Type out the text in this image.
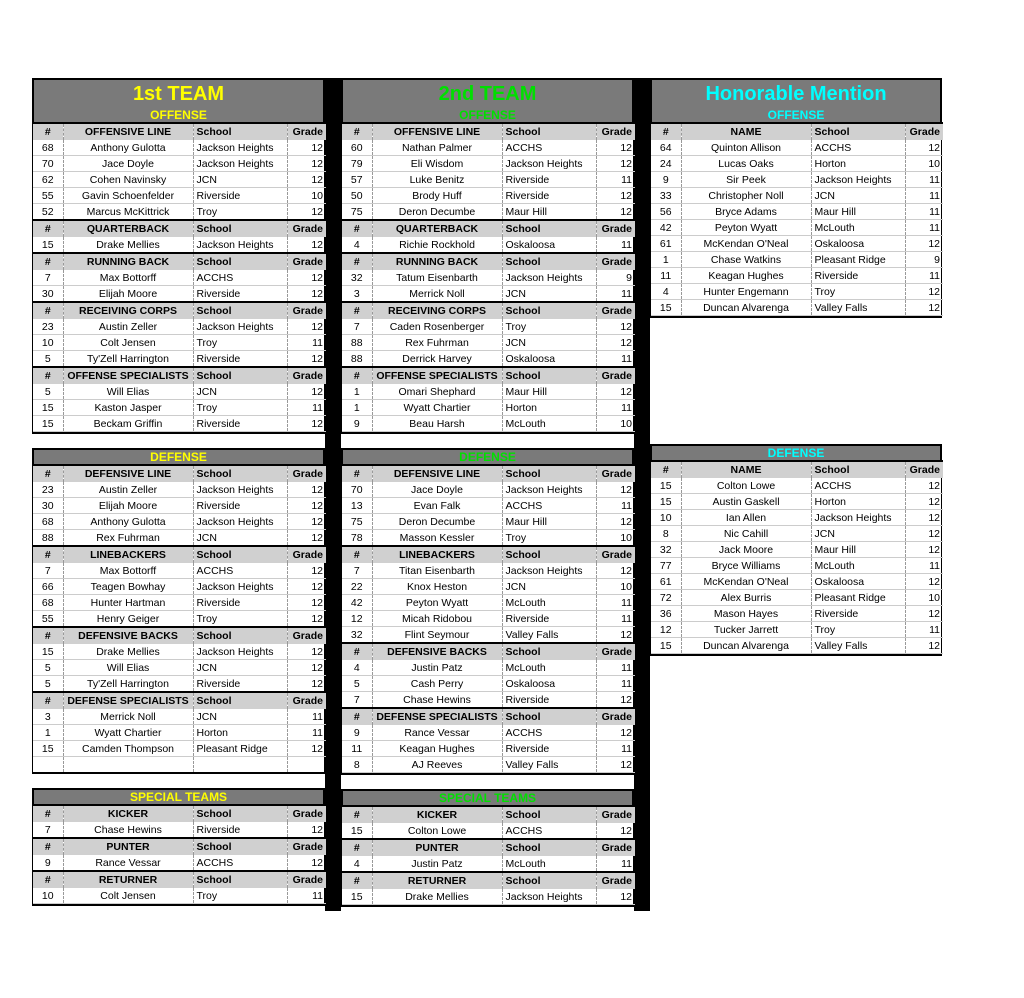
1st TEAM
OFFENSE
#	OFFENSIVE LINE	School	Grade
68	Anthony Gulotta	Jackson Heights	12
70	Jace Doyle	Jackson Heights	12
62	Cohen Navinsky	JCN	12
55	Gavin Schoenfelder	Riverside	10
52	Marcus McKittrick	Troy	12
#	QUARTERBACK	School	Grade
15	Drake Mellies	Jackson Heights	12
#	RUNNING BACK	School	Grade
7	Max Bottorff	ACCHS	12
30	Elijah Moore	Riverside	12
#	RECEIVING CORPS	School	Grade
23	Austin Zeller	Jackson Heights	12
10	Colt Jensen	Troy	11
5	Ty'Zell Harrington	Riverside	12
#	OFFENSE SPECIALISTS	School	Grade
5	Will Elias	JCN	12
15	Kaston Jasper	Troy	11
15	Beckam Griffin	Riverside	12
DEFENSE
#	DEFENSIVE LINE	School	Grade
23	Austin Zeller	Jackson Heights	12
30	Elijah Moore	Riverside	12
68	Anthony Gulotta	Jackson Heights	12
88	Rex Fuhrman	JCN	12
#	LINEBACKERS	School	Grade
7	Max Bottorff	ACCHS	12
66	Teagen Bowhay	Jackson Heights	12
68	Hunter Hartman	Riverside	12
55	Henry Geiger	Troy	12
#	DEFENSIVE BACKS	School	Grade
15	Drake Mellies	Jackson Heights	12
5	Will Elias	JCN	12
5	Ty'Zell Harrington	Riverside	12
#	DEFENSE SPECIALISTS	School	Grade
3	Merrick Noll	JCN	11
1	Wyatt Chartier	Horton	11
15	Camden Thompson	Pleasant Ridge	12

SPECIAL TEAMS
#	KICKER	School	Grade
7	Chase Hewins	Riverside	12
#	PUNTER	School	Grade
9	Rance Vessar	ACCHS	12
#	RETURNER	School	Grade
10	Colt Jensen	Troy	11
2nd TEAM
OFFENSE
#	OFFENSIVE LINE	School	Grade
60	Nathan Palmer	ACCHS	12
79	Eli Wisdom	Jackson Heights	12
57	Luke Benitz	Riverside	11
50	Brody Huff	Riverside	12
75	Deron Decumbe	Maur Hill	12
#	QUARTERBACK	School	Grade
4	Richie Rockhold	Oskaloosa	11
#	RUNNING BACK	School	Grade
32	Tatum Eisenbarth	Jackson Heights	9
3	Merrick Noll	JCN	11
#	RECEIVING CORPS	School	Grade
7	Caden Rosenberger	Troy	12
88	Rex Fuhrman	JCN	12
88	Derrick Harvey	Oskaloosa	11
#	OFFENSE SPECIALISTS	School	Grade
1	Omari Shephard	Maur Hill	12
1	Wyatt Chartier	Horton	11
9	Beau Harsh	McLouth	10
DEFENSE
#	DEFENSIVE LINE	School	Grade
70	Jace Doyle	Jackson Heights	12
13	Evan Falk	ACCHS	11
75	Deron Decumbe	Maur Hill	12
78	Masson Kessler	Troy	10
#	LINEBACKERS	School	Grade
7	Titan Eisenbarth	Jackson Heights	12
22	Knox Heston	JCN	10
42	Peyton Wyatt	McLouth	11
12	Micah Ridobou	Riverside	11
32	Flint Seymour	Valley Falls	12
#	DEFENSIVE BACKS	School	Grade
4	Justin Patz	McLouth	11
5	Cash Perry	Oskaloosa	11
7	Chase Hewins	Riverside	12
#	DEFENSE SPECIALISTS	School	Grade
9	Rance Vessar	ACCHS	12
11	Keagan Hughes	Riverside	11
8	AJ Reeves	Valley Falls	12
SPECIAL TEAMS
#	KICKER	School	Grade
15	Colton Lowe	ACCHS	12
#	PUNTER	School	Grade
4	Justin Patz	McLouth	11
#	RETURNER	School	Grade
15	Drake Mellies	Jackson Heights	12
Honorable Mention
OFFENSE
#	NAME	School	Grade
64	Quinton Allison	ACCHS	12
24	Lucas Oaks	Horton	10
9	Sir Peek	Jackson Heights	11
33	Christopher Noll	JCN	11
56	Bryce Adams	Maur Hill	11
42	Peyton Wyatt	McLouth	11
61	McKendan O'Neal	Oskaloosa	12
1	Chase Watkins	Pleasant Ridge	9
11	Keagan Hughes	Riverside	11
4	Hunter Engemann	Troy	12
15	Duncan Alvarenga	Valley Falls	12
DEFENSE
#	NAME	School	Grade
15	Colton Lowe	ACCHS	12
15	Austin Gaskell	Horton	12
10	Ian Allen	Jackson Heights	12
8	Nic Cahill	JCN	12
32	Jack Moore	Maur Hill	12
77	Bryce Williams	McLouth	11
61	McKendan O'Neal	Oskaloosa	12
72	Alex Burris	Pleasant Ridge	10
36	Mason Hayes	Riverside	12
12	Tucker Jarrett	Troy	11
15	Duncan Alvarenga	Valley Falls	12
